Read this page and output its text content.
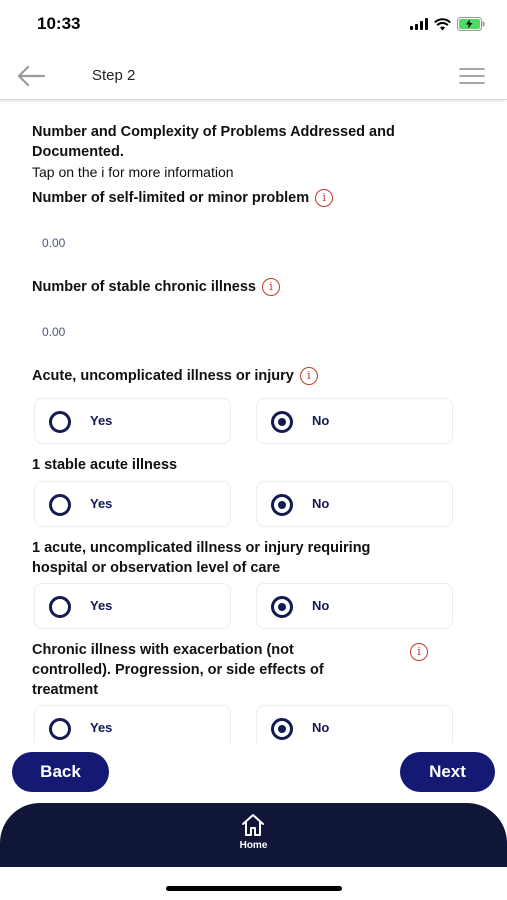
10:33
Step 2
Number and Complexity of Problems Addressed and Documented.
Tap on the i for more information
Number of self-limited or minor problem i
0.00
Number of stable chronic illness i
0.00
Acute, uncomplicated illness or injury i
Yes	No
1 stable acute illness
Yes	No
1 acute, uncomplicated illness or injury requiring
hospital or observation level of care
Yes	No
Chronic illness with exacerbation (not
controlled). Progression, or side effects of
treatment
i
Yes	No
Back	Next
Home
